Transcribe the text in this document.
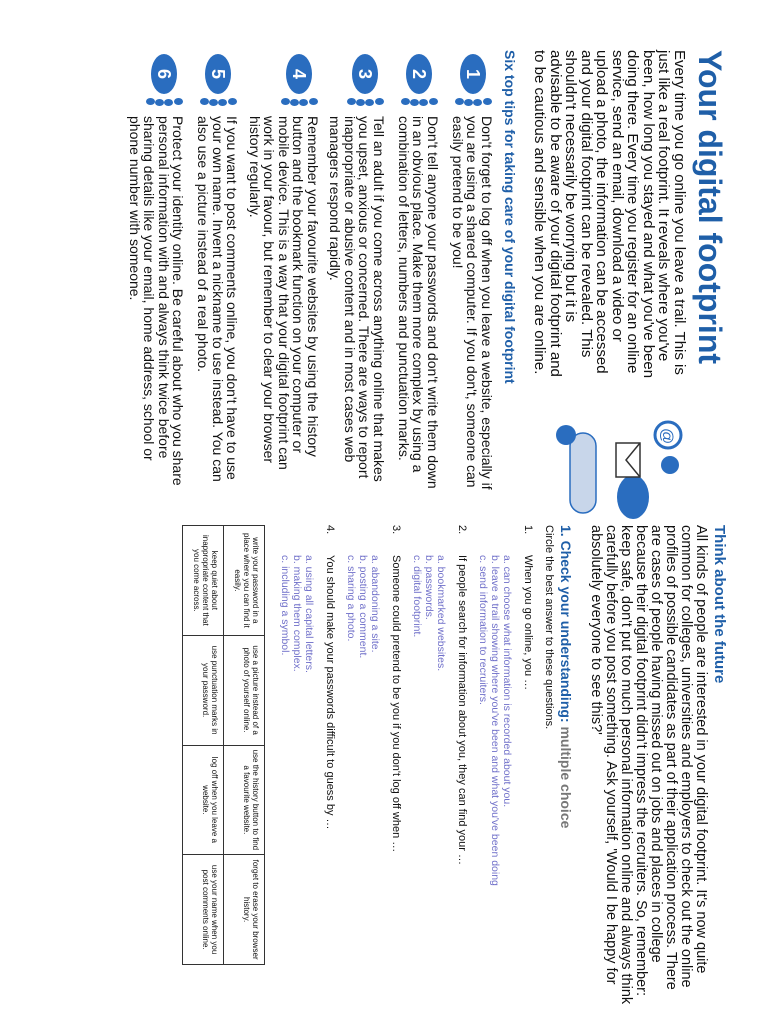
Your digital footprint
Every time you go online you leave a trail. This is just like a real footprint. It reveals where you've been, how long you stayed and what you've been doing there. Every time you register for an online service, send an email, download a video or upload a photo, the information can be accessed and your digital footprint can be revealed. This shouldn't necessarily be worrying but it is advisable to be aware of your digital footprint and to be cautious and sensible when you are online.
@
Six top tips for taking care of your digital footprint
1
Don't forget to log off when you leave a website, especially if you are using a shared computer. If you don't, someone can easily pretend to be you!
2
Don't tell anyone your passwords and don't write them down in an obvious place. Make them more complex by using a combination of letters, numbers and punctuation marks.
3
Tell an adult if you come across anything online that makes you upset, anxious or concerned. There are ways to report inappropriate or abusive content and in most cases web managers respond rapidly.
4
Remember your favourite websites by using the history button and the bookmark function on your computer or mobile device. This is a way that your digital footprint can work in your favour, but remember to clear your browser history regularly.
5
If you want to post comments online, you don't have to use your own name. Invent a nickname to use instead. You can also use a picture instead of a real photo.
6
Protect your identity online. Be careful about who you share personal information with and always think twice before sharing details like your email, home address, school or phone number with someone.
Think about the future
All kinds of people are interested in your digital footprint. It's now quite common for colleges, universities and employers to check out the online profiles of possible candidates as part of their application process. There are cases of people having missed out on jobs and places in college because their digital footprint didn't impress the recruiters. So, remember: keep safe, don't put too much personal information online and always think carefully before you post something. Ask yourself, 'Would I be happy for absolutely everyone to see this?'
1. Check your understanding: multiple choice
Circle the best answer to these questions.
1.
When you go online, you …
a. can choose what information is recorded about you.
b. leave a trail showing where you've been and what you've been doing
c. send information to recruiters.
2.
If people search for information about you, they can find your …
a. bookmarked websites.
b. passwords.
c. digital footprint.
3.
Someone could pretend to be you if you don't log off when …
a. abandoning a site.
b. posting a comment.
c. sharing a photo.
4.
You should make your passwords difficult to guess by …
a. using all capital letters.
b. making them complex.
c. including a symbol.
write your password in a place where you can find it easily.	use a picture instead of a photo of yourself online.	use the history button to find a favourite website.	forget to erase your browser history.
keep quiet about inappropriate content that you come across.	use punctuation marks in your password.	log off when you leave a website.	use your name when you post comments online.
